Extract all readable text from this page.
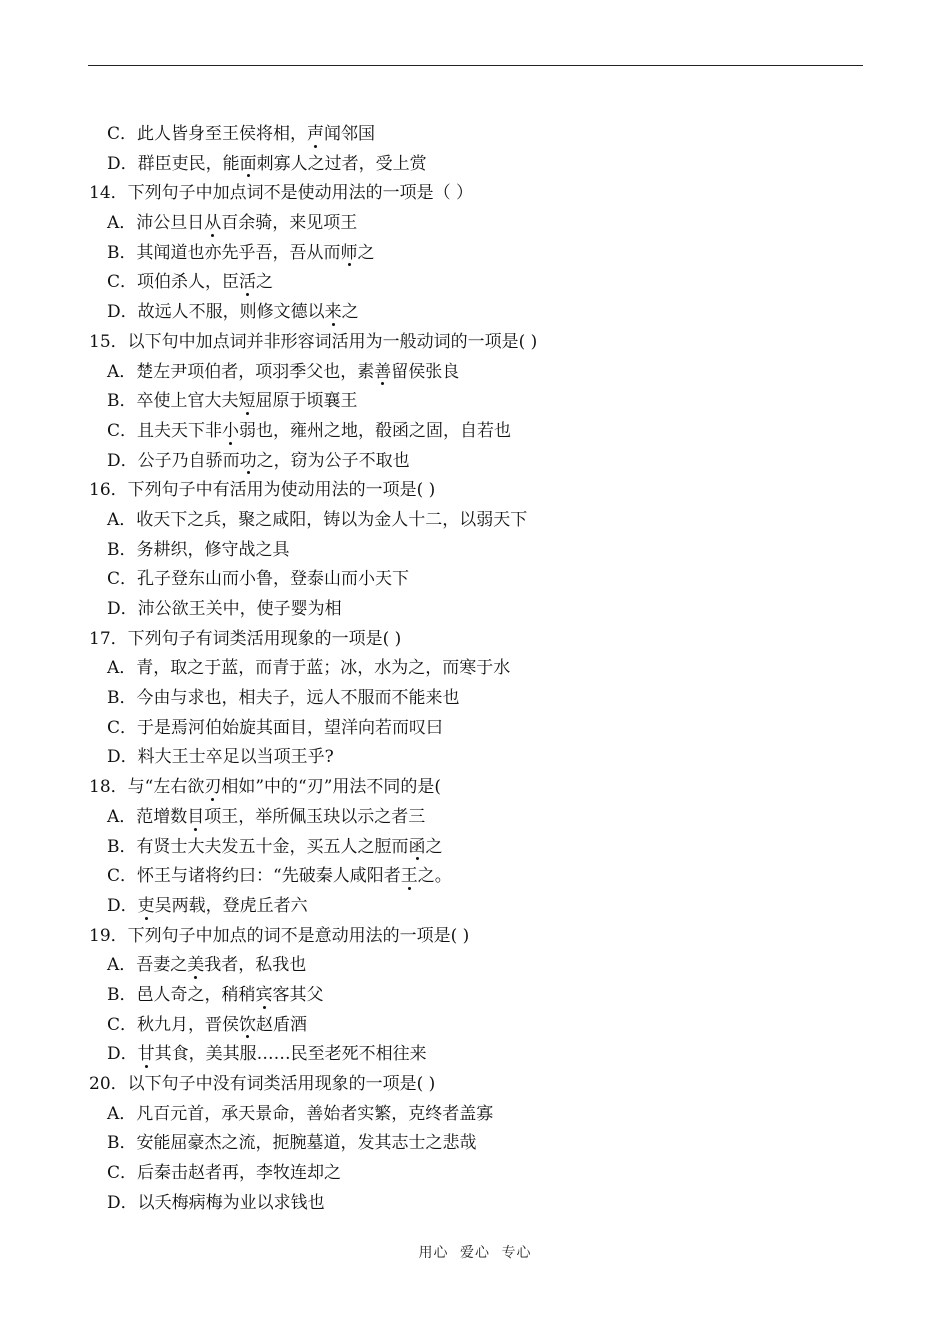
C．此人皆身至王侯将相，声闻邻国
D．群臣吏民，能面刺寡人之过者，受上赏
14．下列句子中加点词不是使动用法的一项是（ ）
A．沛公旦日从百余骑，来见项王
B．其闻道也亦先乎吾，吾从而师之
C．项伯杀人，臣活之
D．故远人不服，则修文德以来之
15．以下句中加点词并非形容词活用为一般动词的一项是( )
A．楚左尹项伯者，项羽季父也，素善留侯张良
B．卒使上官大夫短屈原于顷襄王
C．且夫天下非小弱也，雍州之地，殽函之固，自若也
D．公子乃自骄而功之，窃为公子不取也
16．下列句子中有活用为使动用法的一项是( )
A．收天下之兵，聚之咸阳，铸以为金人十二，以弱天下
B．务耕织，修守战之具
C．孔子登东山而小鲁，登泰山而小天下
D．沛公欲王关中，使子婴为相
17．下列句子有词类活用现象的一项是( )
A．青，取之于蓝，而青于蓝；冰，水为之，而寒于水
B．今由与求也，相夫子，远人不服而不能来也
C．于是焉河伯始旋其面目，望洋向若而叹曰
D．料大王士卒足以当项王乎?
18．与“左右欲刃相如”中的“刃”用法不同的是(
A．范增数目项王，举所佩玉玦以示之者三
B．有贤士大夫发五十金，买五人之脰而函之
C．怀王与诸将约曰：“先破秦人咸阳者王之。
D．吏吴两载，登虎丘者六
19．下列句子中加点的词不是意动用法的一项是( )
A．吾妻之美我者，私我也
B．邑人奇之，稍稍宾客其父
C．秋九月，晋侯饮赵盾酒
D．甘其食，美其服……民至老死不相往来
20．以下句子中没有词类活用现象的一项是( )
A．凡百元首，承天景命，善始者实繁，克终者盖寡
B．安能屈豪杰之流，扼腕墓道，发其志士之悲哉
C．后秦击赵者再，李牧连却之
D．以夭梅病梅为业以求钱也
用心 爱心 专心
